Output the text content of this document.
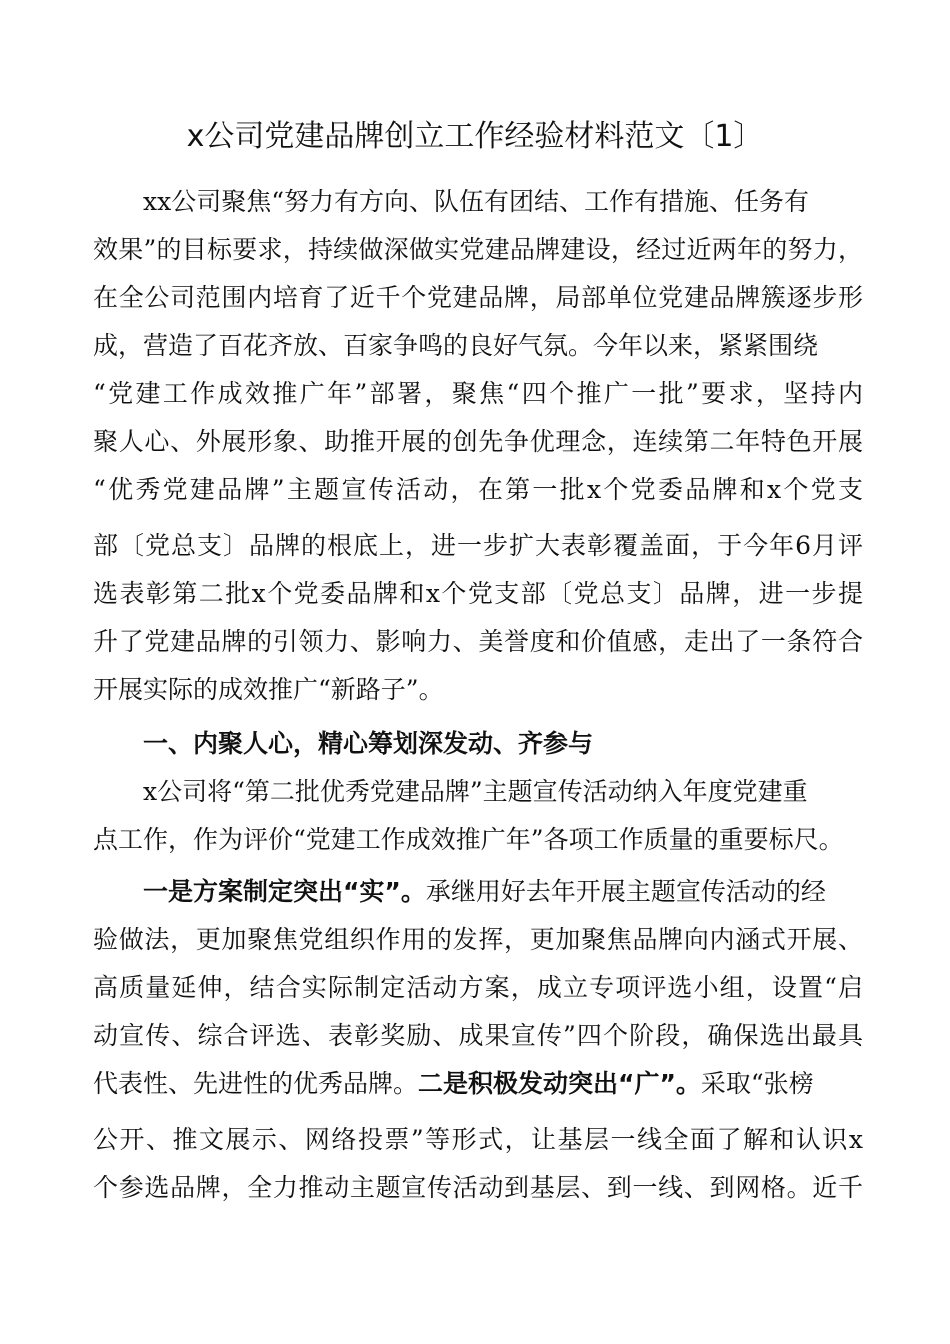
x公司党建品牌创立工作经验材料范文〔1〕
xx公司聚焦“努力有方向、队伍有团结、工作有措施、任务有
效果”的目标要求，持续做深做实党建品牌建设，经过近两年的努力，
在全公司范围内培育了近千个党建品牌，局部单位党建品牌簇逐步形
成，营造了百花齐放、百家争鸣的良好气氛。今年以来，紧紧围绕
“党建工作成效推广年”部署，聚焦“四个推广一批”要求，坚持内
聚人心、外展形象、助推开展的创先争优理念，连续第二年特色开展
“优秀党建品牌”主题宣传活动，在第一批x个党委品牌和x个党支
部〔党总支〕品牌的根底上，进一步扩大表彰覆盖面，于今年6月评
选表彰第二批x个党委品牌和x个党支部〔党总支〕品牌，进一步提
升了党建品牌的引领力、影响力、美誉度和价值感，走出了一条符合
开展实际的成效推广“新路子”。
一、内聚人心，精心筹划深发动、齐参与
x公司将“第二批优秀党建品牌”主题宣传活动纳入年度党建重
点工作，作为评价“党建工作成效推广年”各项工作质量的重要标尺。
一是方案制定突出“实”。承继用好去年开展主题宣传活动的经
验做法，更加聚焦党组织作用的发挥，更加聚焦品牌向内涵式开展、
高质量延伸，结合实际制定活动方案，成立专项评选小组，设置“启
动宣传、综合评选、表彰奖励、成果宣传”四个阶段，确保选出最具
代表性、先进性的优秀品牌。二是积极发动突出“广”。采取“张榜
公开、推文展示、网络投票”等形式，让基层一线全面了解和认识x
个参选品牌，全力推动主题宣传活动到基层、到一线、到网格。近千
